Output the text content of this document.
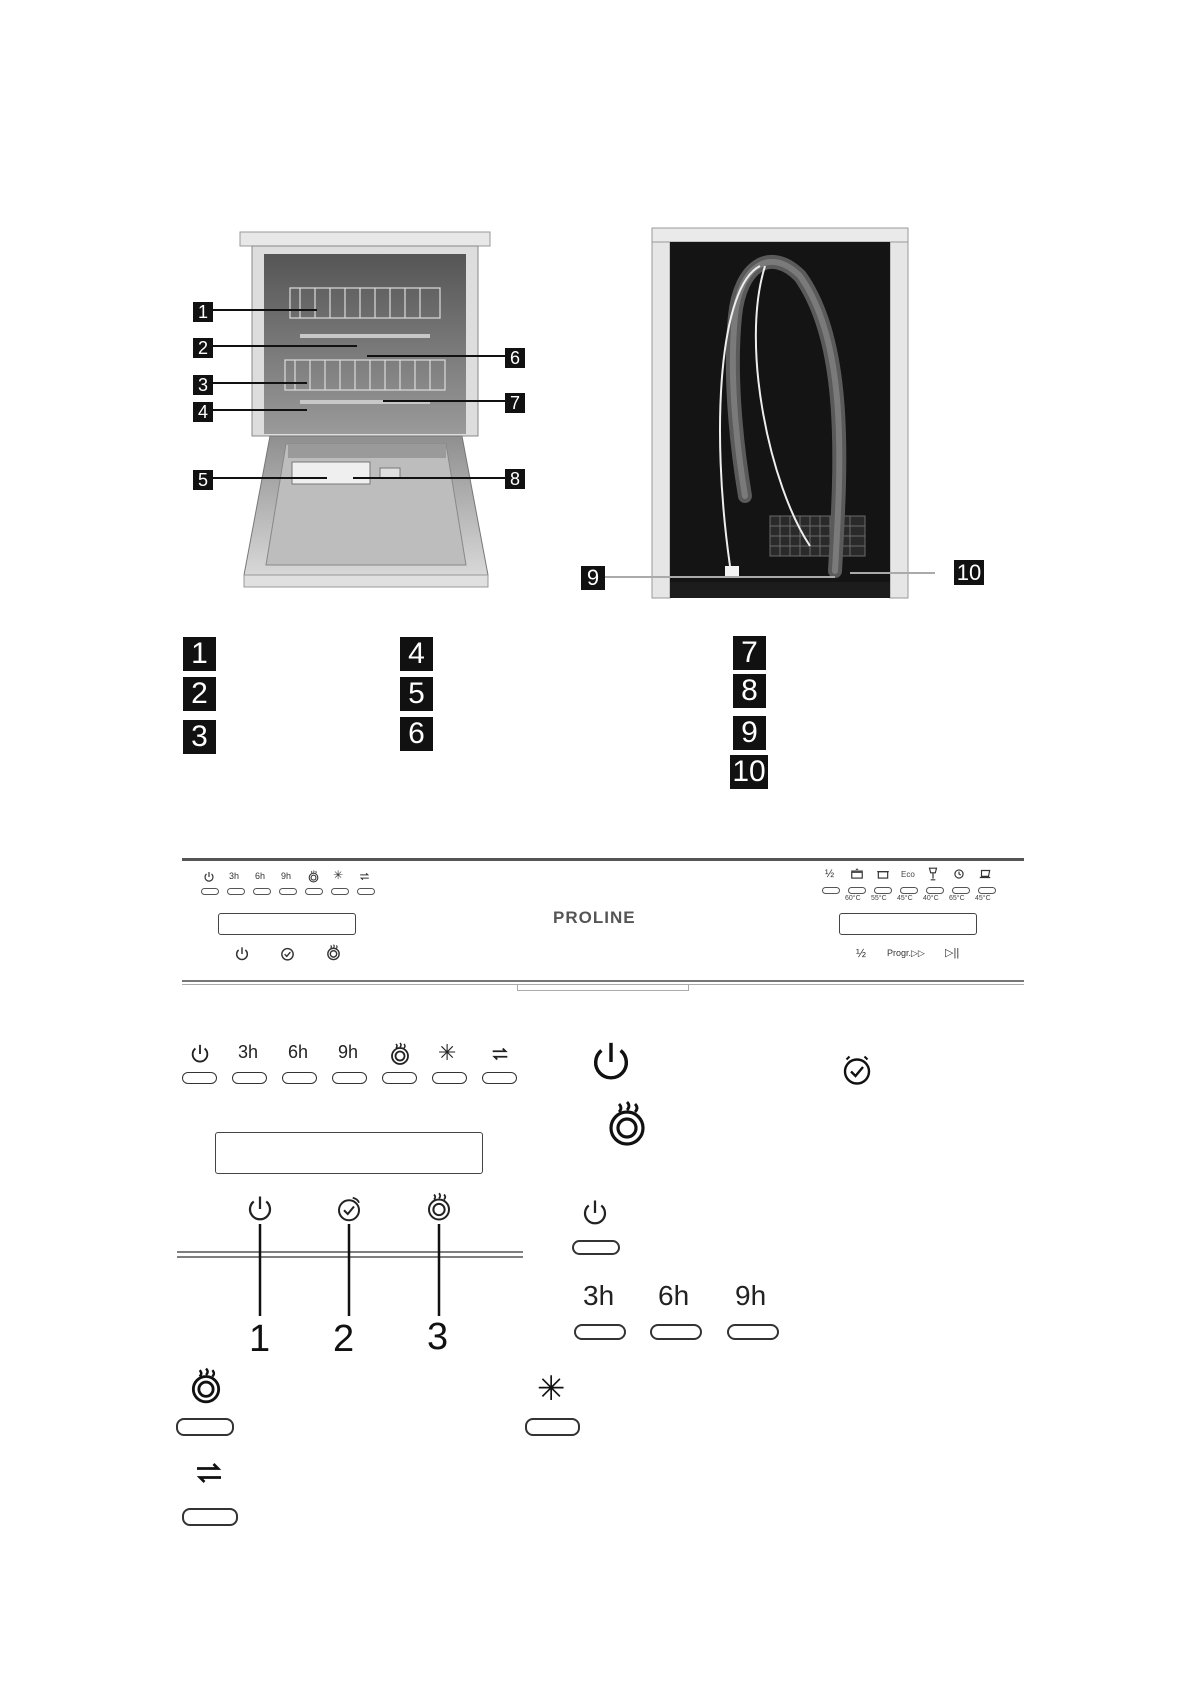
1
2
3
4
5
6
7
8
9	10
1
2
3
4
5
6
7
8
9
10
3h 6h 9h	✳
PROLINE
½	Eco
60°C 55°C 45°C 40°C 65°C 45°C
½ Progr.▷▷ ▷||
3h 6h 9h	✳
1 2 3
3h 6h 9h
✳
